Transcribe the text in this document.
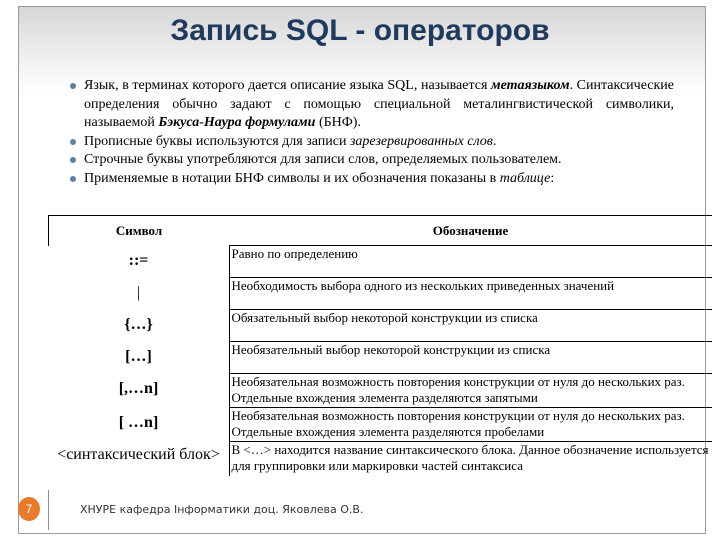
Запись SQL - операторов
Язык, в терминах которого дается описание языка SQL, называется метаязыком. Синтаксические определения обычно задают с помощью специальной металингвистической символики, называемой Бэкуса-Наура формулами (БНФ).
Прописные буквы используются для записи зарезервированных слов.
Строчные буквы употребляются для записи слов, определяемых пользователем.
Применяемые в нотации БНФ символы и их обозначения показаны в таблице:
Символ	Обозначение

::=	Равно по определению

|	Необходимость выбора одного из нескольких приведенных значений

{…}	Обязательный выбор некоторой конструкции из списка

[…]	Необязательный выбор некоторой конструкции из списка

[,…n]	Необязательная возможность повторения конструкции от нуля до нескольких раз. Отдельные вхождения элемента разделяются запятыми

[ …n]	Необязательная возможность повторения конструкции от нуля до нескольких раз. Отдельные вхождения элемента разделяются пробелами

<синтаксический блок>	В <…> находится название синтаксического блока. Данное обозначение используется для группировки или маркировки частей синтаксиса
7	ХНУРЕ кафедра Інформатики доц. Яковлева О.В.
